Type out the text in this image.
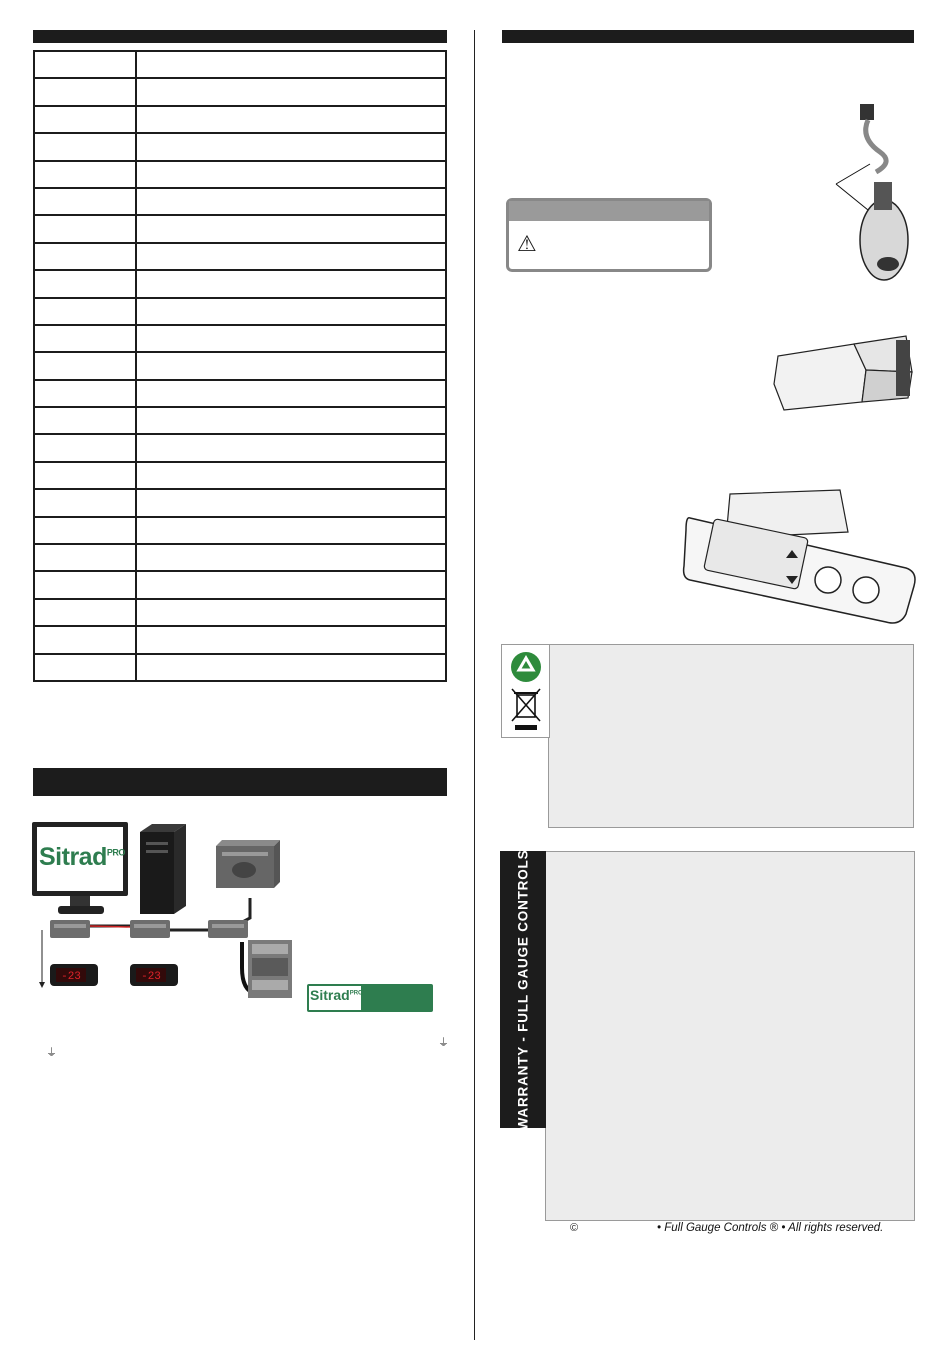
-23	-23
Sitrad$^{PRO}$
Sitrad$^{PRO}$
⏚
⏚
⚠
WARRANTY - FULL GAUGE CONTROLS
©	• Full Gauge Controls ® • All rights reserved.
